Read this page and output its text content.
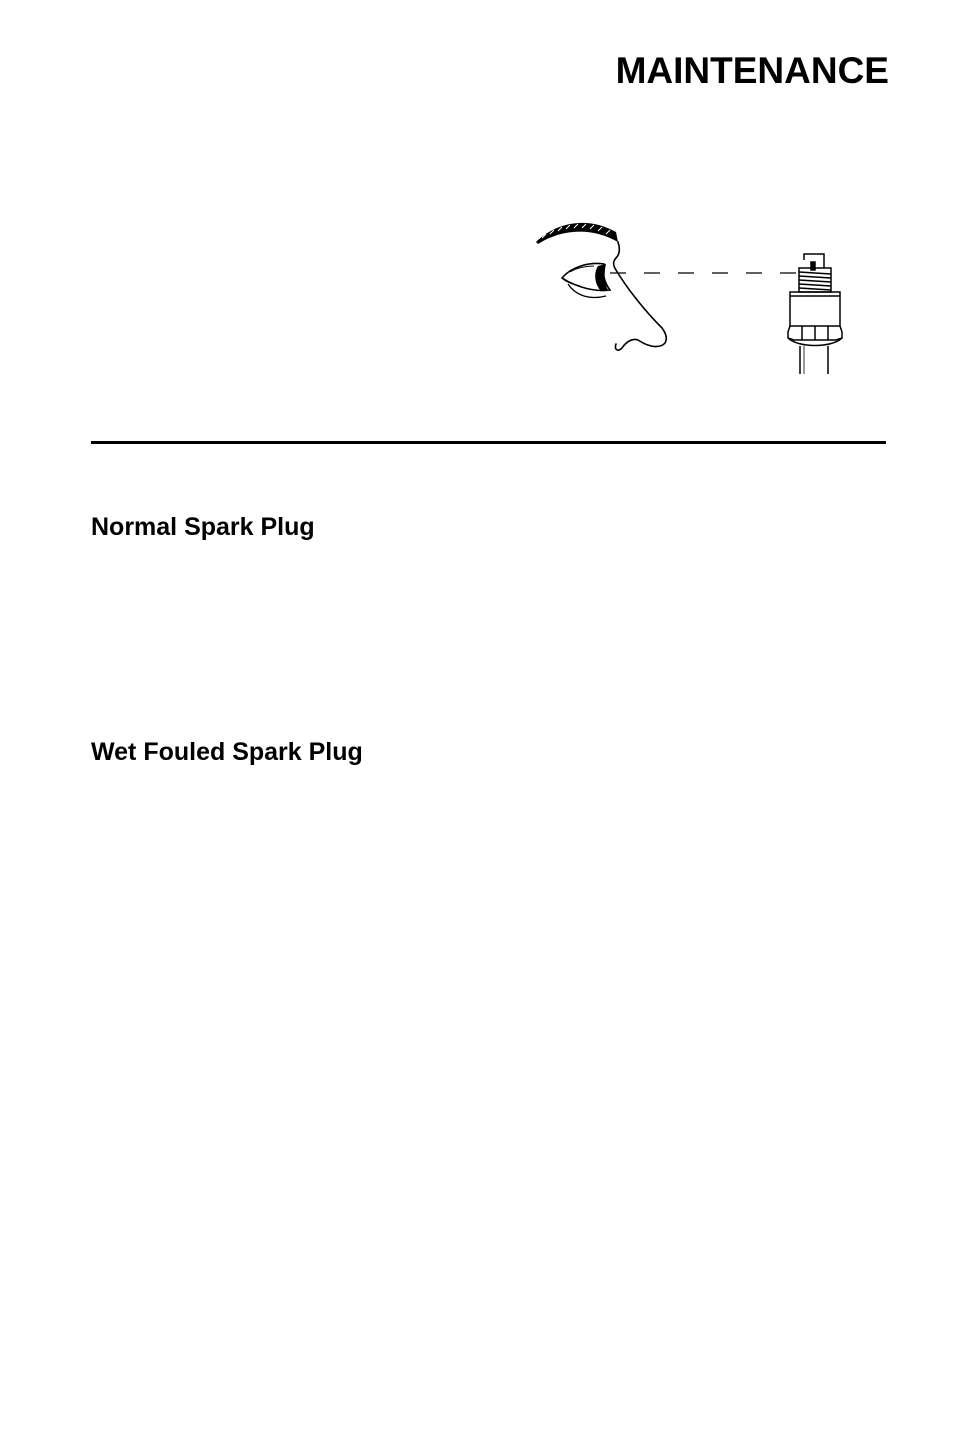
MAINTENANCE
Normal Spark Plug
Wet Fouled Spark Plug
